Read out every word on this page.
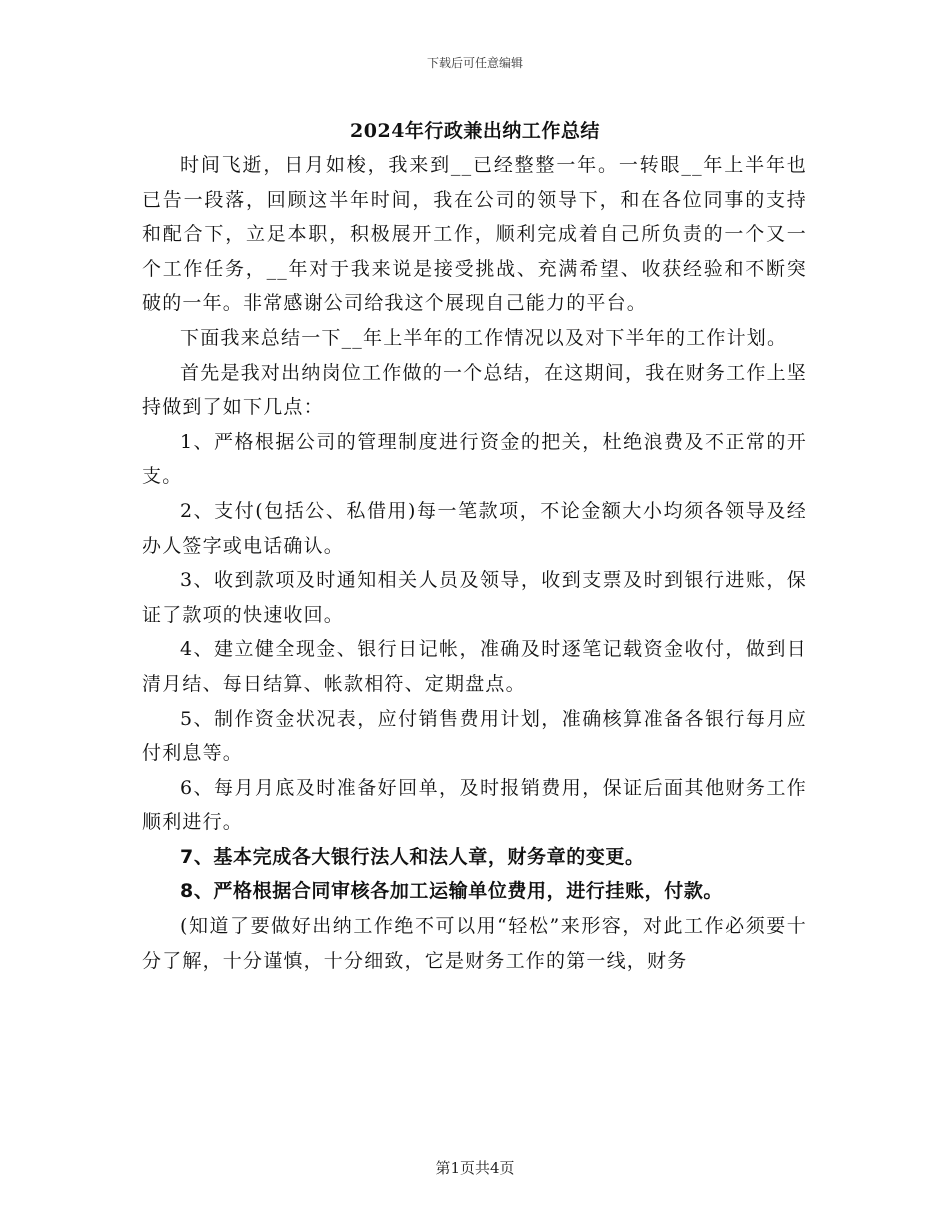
下载后可任意编辑
2024年行政兼出纳工作总结

时间飞逝，日月如梭，我来到__已经整整一年。一转眼__年上半年也已告一段落，回顾这半年时间，我在公司的领导下，和在各位同事的支持和配合下，立足本职，积极展开工作，顺利完成着自己所负责的一个又一个工作任务，__年对于我来说是接受挑战、充满希望、收获经验和不断突破的一年。非常感谢公司给我这个展现自己能力的平台。

下面我来总结一下__年上半年的工作情况以及对下半年的工作计划。

首先是我对出纳岗位工作做的一个总结，在这期间，我在财务工作上坚持做到了如下几点：

1、严格根据公司的管理制度进行资金的把关，杜绝浪费及不正常的开支。

2、支付(包括公、私借用)每一笔款项，不论金额大小均须各领导及经办人签字或电话确认。

3、收到款项及时通知相关人员及领导，收到支票及时到银行进账，保证了款项的快速收回。

4、建立健全现金、银行日记帐，准确及时逐笔记载资金收付，做到日清月结、每日结算、帐款相符、定期盘点。

5、制作资金状况表，应付销售费用计划，准确核算准备各银行每月应付利息等。

6、每月月底及时准备好回单，及时报销费用，保证后面其他财务工作顺利进行。

7、基本完成各大银行法人和法人章，财务章的变更。

8、严格根据合同审核各加工运输单位费用，进行挂账，付款。

(知道了要做好出纳工作绝不可以用“轻松”来形容，对此工作必须要十分了解，十分谨慎，十分细致，它是财务工作的第一线，财务

第1页共4页
